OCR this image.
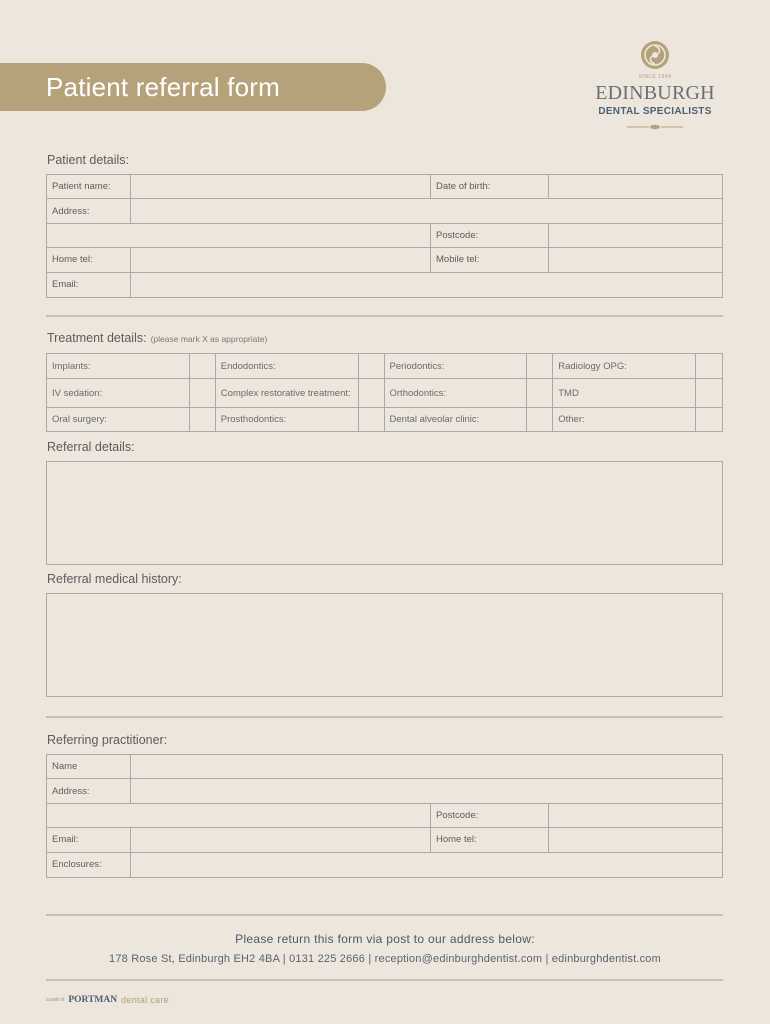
Patient referral form	SINCE 1994
EDINBURGH
DENTAL SPECIALISTS
Patient details:
Patient name:	Date of birth:
Address:
Postcode:
Home tel:	Mobile tel:
Email:
Treatment details: (please mark X as appropriate)
Implants:	Endodontics:	Periodontics:	Radiology OPG:
IV sedation:	Complex restorative treatment:	Orthodontics:	TMD
Oral surgery:	Prosthodontics:	Dental alveolar clinic:	Other:
Referral details:
Referral medical history:
Referring practitioner:
Name
Address:
Postcode:
Email:	Home tel:
Enclosures:
Please return this form via post to our address below:
178 Rose St, Edinburgh EH2 4BA | 0131 225 2666 | reception@edinburghdentist.com | edinburghdentist.com
a part of PORTMAN dental care
